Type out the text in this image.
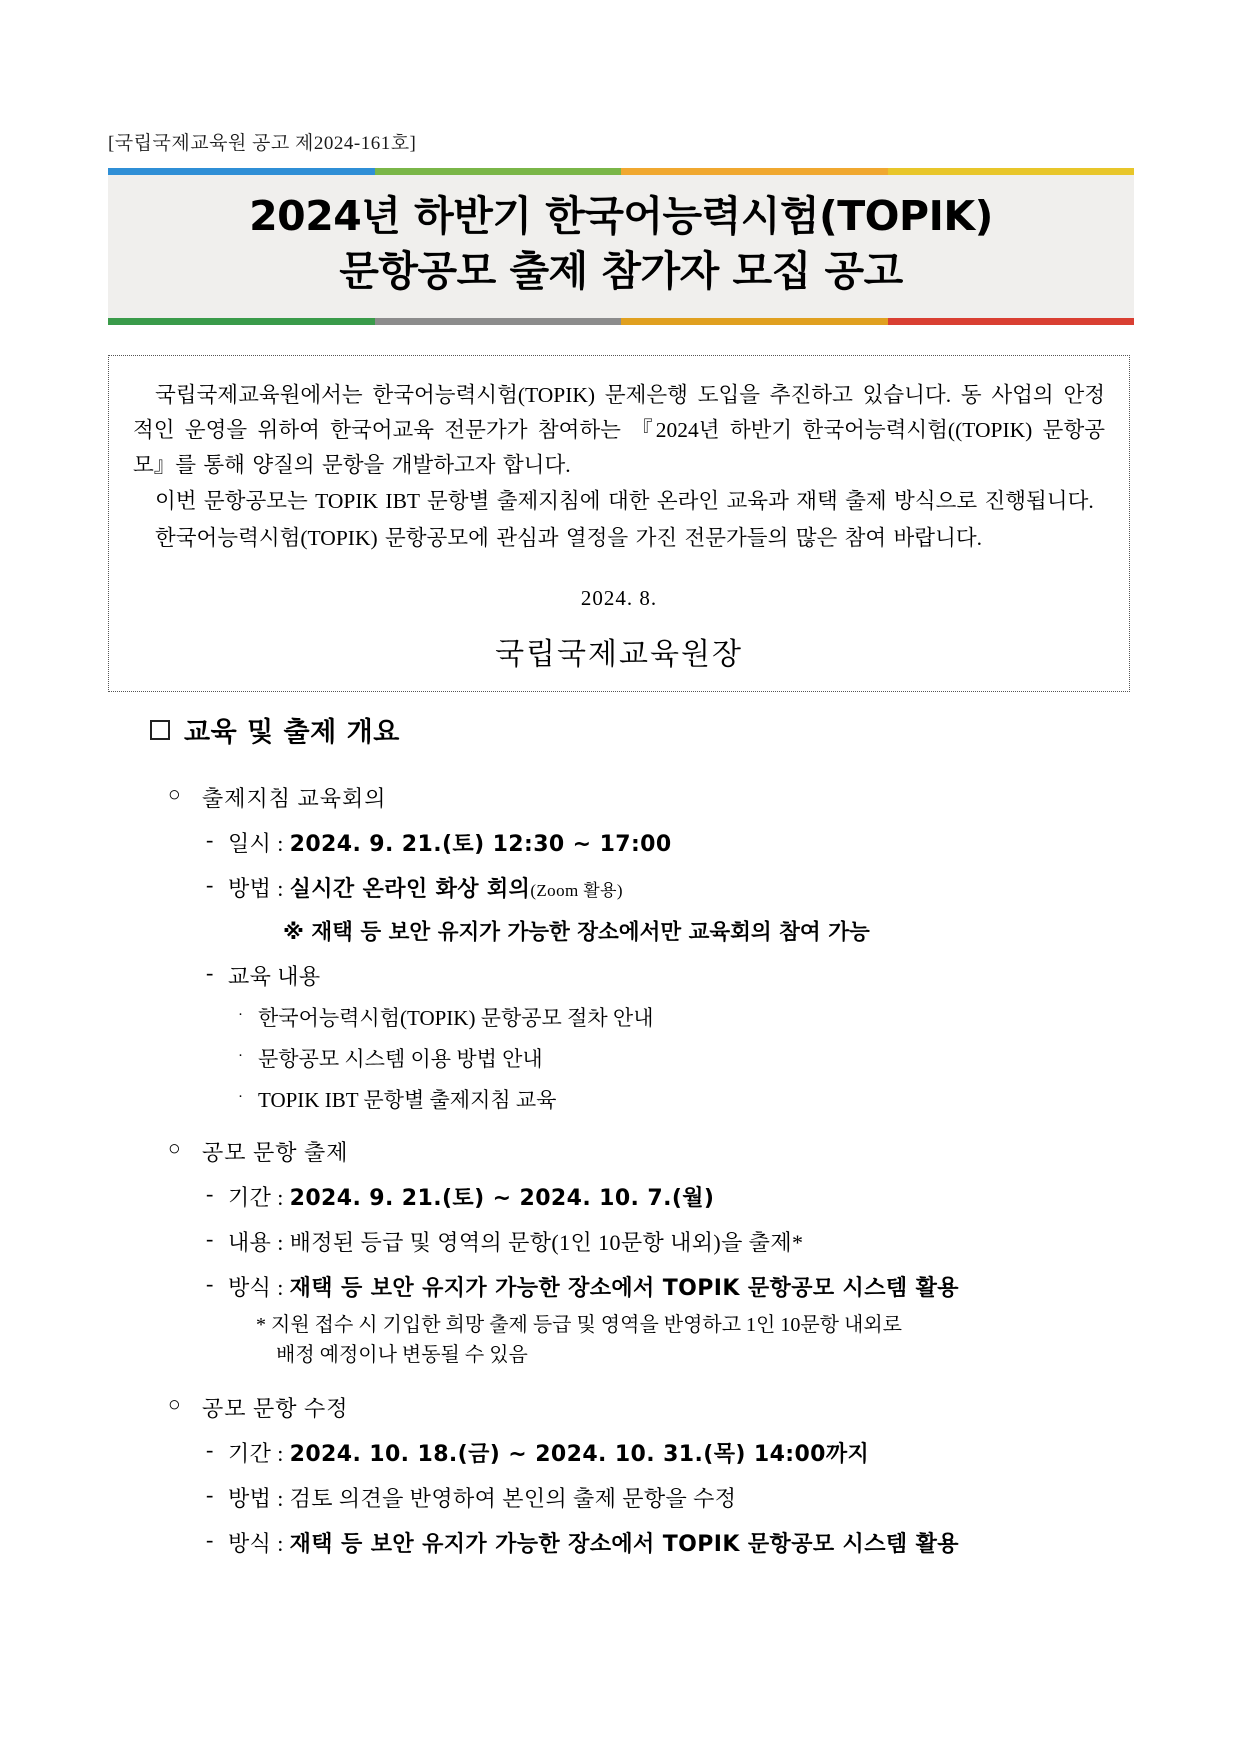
[국립국제교육원 공고 제2024-161호]
2024년 하반기 한국어능력시험(TOPIK)
문항공모 출제 참가자 모집 공고

국립국제교육원에서는 한국어능력시험(TOPIK) 문제은행 도입을 추진하고 있습니다. 동 사업의 안정적인 운영을 위하여 한국어교육 전문가가 참여하는 『2024년 하반기 한국어능력시험((TOPIK) 문항공모』를 통해 양질의 문항을 개발하고자 합니다.

이번 문항공모는 TOPIK IBT 문항별 출제지침에 대한 온라인 교육과 재택 출제 방식으로 진행됩니다.

한국어능력시험(TOPIK) 문항공모에 관심과 열정을 가진 전문가들의 많은 참여 바랍니다.

2024. 8.
국립국제교육원장
교육 및 출제 개요
○ 출제지침 교육회의
- 일시 : 2024. 9. 21.(토) 12:30 ~ 17:00
- 방법 : 실시간 온라인 화상 회의(Zoom 활용)
※ 재택 등 보안 유지가 가능한 장소에서만 교육회의 참여 가능
- 교육 내용
· 한국어능력시험(TOPIK) 문항공모 절차 안내
· 문항공모 시스템 이용 방법 안내
· TOPIK IBT 문항별 출제지침 교육
○ 공모 문항 출제
- 기간 : 2024. 9. 21.(토) ~ 2024. 10. 7.(월)
- 내용 : 배정된 등급 및 영역의 문항(1인 10문항 내외)을 출제*
- 방식 : 재택 등 보안 유지가 가능한 장소에서 TOPIK 문항공모 시스템 활용
* 지원 접수 시 기입한 희망 출제 등급 및 영역을 반영하고 1인 10문항 내외로
배정 예정이나 변동될 수 있음
○ 공모 문항 수정
- 기간 : 2024. 10. 18.(금) ~ 2024. 10. 31.(목) 14:00까지
- 방법 : 검토 의견을 반영하여 본인의 출제 문항을 수정
- 방식 : 재택 등 보안 유지가 가능한 장소에서 TOPIK 문항공모 시스템 활용
